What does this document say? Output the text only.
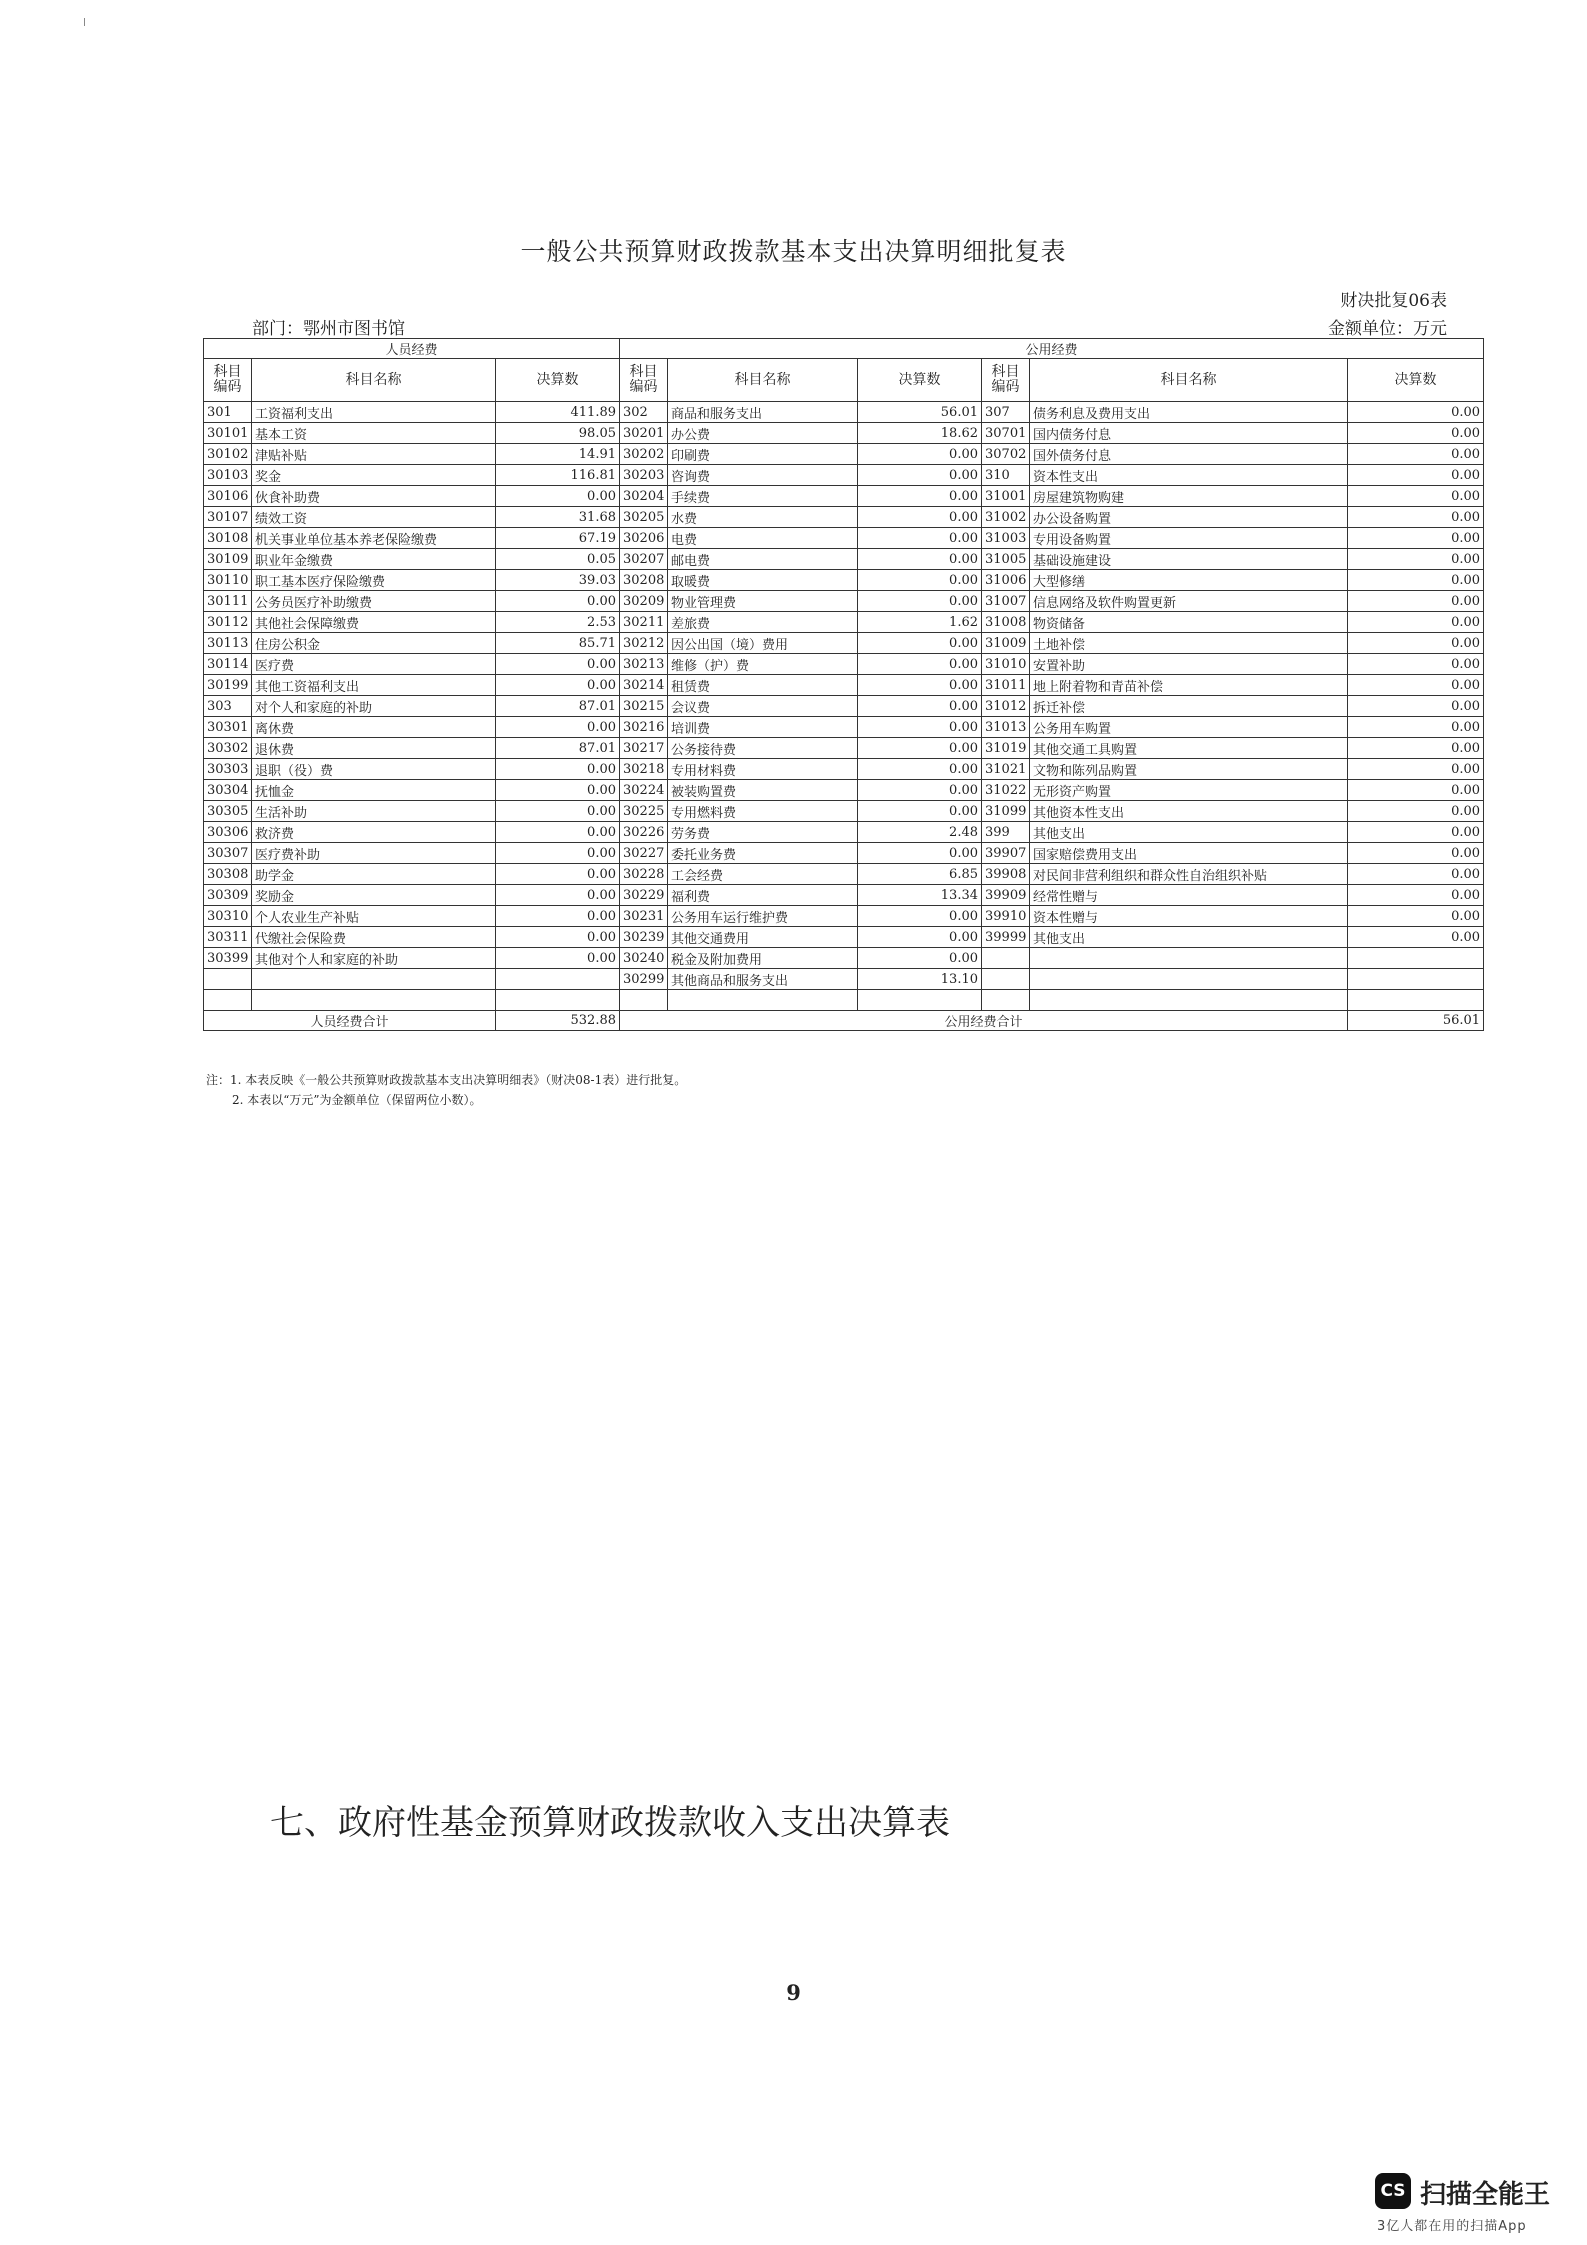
一般公共预算财政拨款基本支出决算明细批复表
财决批复06表
部门：鄂州市图书馆	金额单位：万元
人员经费			公用经费					
科目编码	科目名称	决算数	科目编码	科目名称	决算数	科目编码	科目名称	决算数
301	工资福利支出	411.89	302	商品和服务支出	56.01	307	债务利息及费用支出	0.00
30101	基本工资	98.05	30201	办公费	18.62	30701	国内债务付息	0.00
30102	津贴补贴	14.91	30202	印刷费	0.00	30702	国外债务付息	0.00
30103	奖金	116.81	30203	咨询费	0.00	310	资本性支出	0.00
30106	伙食补助费	0.00	30204	手续费	0.00	31001	房屋建筑物购建	0.00
30107	绩效工资	31.68	30205	水费	0.00	31002	办公设备购置	0.00
30108	机关事业单位基本养老保险缴费	67.19	30206	电费	0.00	31003	专用设备购置	0.00
30109	职业年金缴费	0.05	30207	邮电费	0.00	31005	基础设施建设	0.00
30110	职工基本医疗保险缴费	39.03	30208	取暖费	0.00	31006	大型修缮	0.00
30111	公务员医疗补助缴费	0.00	30209	物业管理费	0.00	31007	信息网络及软件购置更新	0.00
30112	其他社会保障缴费	2.53	30211	差旅费	1.62	31008	物资储备	0.00
30113	住房公积金	85.71	30212	因公出国（境）费用	0.00	31009	土地补偿	0.00
30114	医疗费	0.00	30213	维修（护）费	0.00	31010	安置补助	0.00
30199	其他工资福利支出	0.00	30214	租赁费	0.00	31011	地上附着物和青苗补偿	0.00
303	对个人和家庭的补助	87.01	30215	会议费	0.00	31012	拆迁补偿	0.00
30301	离休费	0.00	30216	培训费	0.00	31013	公务用车购置	0.00
30302	退休费	87.01	30217	公务接待费	0.00	31019	其他交通工具购置	0.00
30303	退职（役）费	0.00	30218	专用材料费	0.00	31021	文物和陈列品购置	0.00
30304	抚恤金	0.00	30224	被装购置费	0.00	31022	无形资产购置	0.00
30305	生活补助	0.00	30225	专用燃料费	0.00	31099	其他资本性支出	0.00
30306	救济费	0.00	30226	劳务费	2.48	399	其他支出	0.00
30307	医疗费补助	0.00	30227	委托业务费	0.00	39907	国家赔偿费用支出	0.00
30308	助学金	0.00	30228	工会经费	6.85	39908	对民间非营利组织和群众性自治组织补贴	0.00
30309	奖励金	0.00	30229	福利费	13.34	39909	经常性赠与	0.00
30310	个人农业生产补贴	0.00	30231	公务用车运行维护费	0.00	39910	资本性赠与	0.00
30311	代缴社会保险费	0.00	30239	其他交通费用	0.00	39999	其他支出	0.00
30399	其他对个人和家庭的补助	0.00	30240	税金及附加费用	0.00			
			30299	其他商品和服务支出	13.10			

人员经费合计		532.88	公用经费合计					56.01
注：1. 本表反映《一般公共预算财政拨款基本支出决算明细表》（财决08-1表）进行批复。
2. 本表以“万元”为金额单位（保留两位小数）。
七、政府性基金预算财政拨款收入支出决算表
9
CS 扫描全能王
3亿人都在用的扫描App
